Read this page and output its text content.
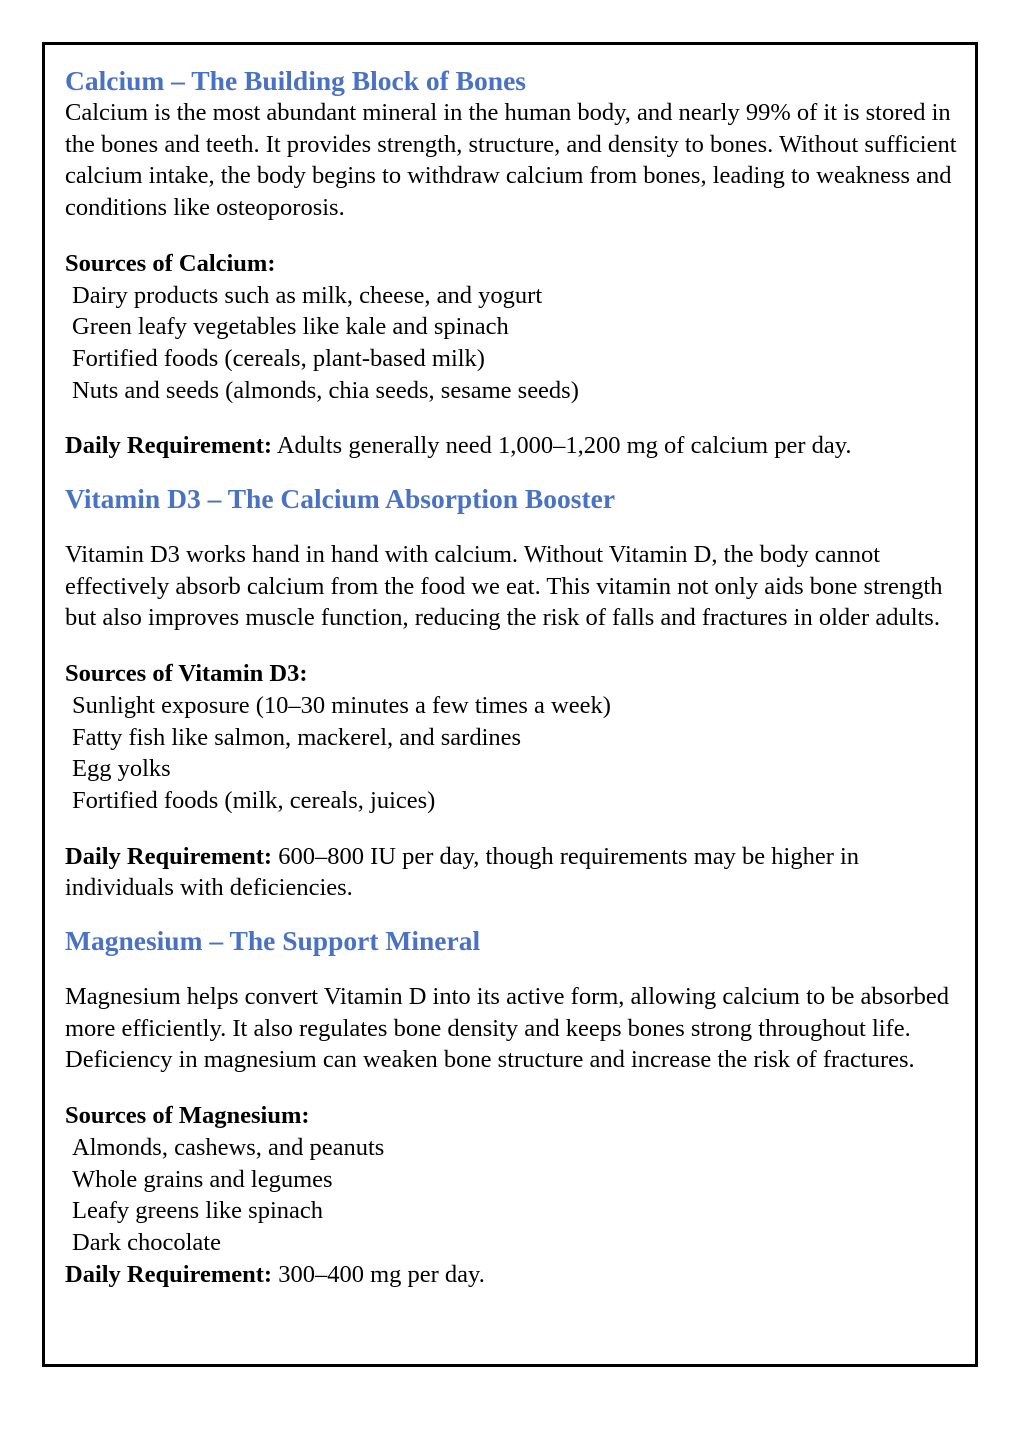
Calcium – The Building Block of Bones

Calcium is the most abundant mineral in the human body, and nearly 99% of it is stored in the bones and teeth. It provides strength, structure, and density to bones. Without sufficient calcium intake, the body begins to withdraw calcium from bones, leading to weakness and conditions like osteoporosis.

Sources of Calcium:

Dairy products such as milk, cheese, and yogurt
Green leafy vegetables like kale and spinach
Fortified foods (cereals, plant-based milk)
Nuts and seeds (almonds, chia seeds, sesame seeds)

Daily Requirement: Adults generally need 1,000–1,200 mg of calcium per day.

Vitamin D3 – The Calcium Absorption Booster

Vitamin D3 works hand in hand with calcium. Without Vitamin D, the body cannot effectively absorb calcium from the food we eat. This vitamin not only aids bone strength but also improves muscle function, reducing the risk of falls and fractures in older adults.

Sources of Vitamin D3:

Sunlight exposure (10–30 minutes a few times a week)
Fatty fish like salmon, mackerel, and sardines
Egg yolks
Fortified foods (milk, cereals, juices)

Daily Requirement: 600–800 IU per day, though requirements may be higher in individuals with deficiencies.

Magnesium – The Support Mineral

Magnesium helps convert Vitamin D into its active form, allowing calcium to be absorbed more efficiently. It also regulates bone density and keeps bones strong throughout life. Deficiency in magnesium can weaken bone structure and increase the risk of fractures.

Sources of Magnesium:

Almonds, cashews, and peanuts
Whole grains and legumes
Leafy greens like spinach
Dark chocolate

Daily Requirement: 300–400 mg per day.
